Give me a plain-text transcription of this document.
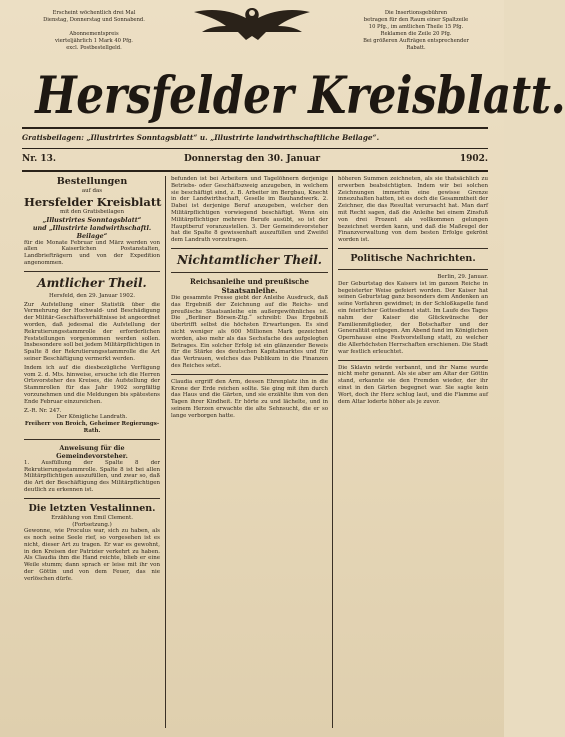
Erscheint wöchentlich drei Mal
Dienstag, Donnerstag und Sonnabend.
Abonnementspreis
vierteljährlich 1 Mark 40 Pfg.
excl. Postbestellgeld.
Die Insertionsgebühren
betragen für den Raum einer Spaltzeile
10 Pfg., im amtlichen Theile 15 Pfg.
Reklamen die Zeile 20 Pfg.
Bei größeren Aufträgen entsprechender
Rabatt.
Hersfelder Kreisblatt.
Gratisbeilagen: „Illustrirtes Sonntagsblatt“ u. „Illustrirte landwirthschaftliche Beilage“.
Nr. 13.	Donnerstag den 30. Januar	1902.
Bestellungen
auf das
Hersfelder Kreisblatt
mit den Gratisbeilagen
„Illustrirtes Sonntagsblatt“
und „Illustrirte landwirthschaftl. Beilage“

für die Monate Februar und März werden von allen Kaiserlichen Postanstalten, Landbriefträgern und von der Expedition angenommen.

Amtlicher Theil.
Hersfeld, den 29. Januar 1902.

Zur Aufstellung einer Statistik über die Vermehrung der Hochwald- und Beschädigung der Militär-Geschäftsverhältnisse ist angeordnet worden, daß jedesmal die Aufstellung der Rekrutierungsstammrolle der erforderlichen Feststellungen vorgenommen werden sollen. Insbesondere soll bei jedem Militärpflichtigen in Spalte 8 der Rekrutierungsstammrolle die Art seiner Beschäftigung vermerkt werden.

Indem ich auf die diesbezügliche Verfügung vom 2. d. Mts. hinweise, ersuche ich die Herren Ortsvorsteher des Kreises, die Aufstellung der Stammrollen für das Jahr 1902 sorgfältig vorzunehmen und die Meldungen bis spätestens Ende Februar einzureichen.

Z.-R. Nr. 247.
Der Königliche Landrath.
Freiherr von Broich, Geheimer Regierungs-Rath.
Anweisung für die Gemeindevorsteher.

1. Ausfüllung der Spalte 8 der Rekrutierungsstammrolle. Spalte 8 ist bei allen Militärpflichtigen auszufüllen, und zwar so, daß die Art der Beschäftigung des Militärpflichtigen deutlich zu erkennen ist.

Die letzten Vestalinnen.
Erzählung von Emil Clement.
(Fortsetzung.)

Gewonne, wie Proculus war, sich zu haben, als es noch seine Seele rief, so vorgesehen ist es nicht, dieser Art zu tragen. Er war es gewohnt, in den Kreisen der Patrizier verkehrt zu haben. Als Claudia ihm die Hand reichte, blieb er eine Weile stumm; dann sprach er leise mit ihr von der Göttin und von dem Feuer, das nie verlöschen dürfe.

befunden ist bei Arbeitern und Tagelöhnern derjenige Betriebs- oder Geschäftszweig anzugeben, in welchem sie beschäftigt sind, z. B. Arbeiter im Bergbau, Knecht in der Landwirthschaft, Geselle im Bauhandwerk. 2. Dabei ist derjenige Beruf anzugeben, welcher den Militärpflichtigen vorwiegend beschäftigt. Wenn ein Militärpflichtiger mehrere Berufe ausübt, so ist der Hauptberuf voranzustellen. 3. Der Gemeindevorsteher hat die Spalte 8 gewissenhaft auszufüllen und Zweifel dem Landrath vorzutragen.

Nichtamtlicher Theil.
Reichsanleihe und preußische Staatsanleihe.

Die gesammte Presse giebt der Anleihe Ausdruck, daß das Ergebniß der Zeichnung auf die Reichs- und preußische Staatsanleihe ein außergewöhnliches ist. Die „Berliner Börsen-Ztg.“ schreibt: Das Ergebniß übertrifft selbst die höchsten Erwartungen. Es sind nicht weniger als 600 Millionen Mark gezeichnet worden, also mehr als das Sechsfache des aufgelegten Betrages. Ein solcher Erfolg ist ein glänzender Beweis für die Stärke des deutschen Kapitalmarktes und für das Vertrauen, welches das Publikum in die Finanzen des Reiches setzt.

Claudia ergriff den Arm, dessen Ehrenplatz ihn in die Krone der Erde reichen sollte. Sie ging mit ihm durch das Haus und die Gärten, und sie erzählte ihm von den Tagen ihrer Kindheit. Er hörte zu und lächelte, und in seinem Herzen erwachte die alte Sehnsucht, die er so lange verborgen hatte.

höheren Summen zeichneten, als sie thatsächlich zu erwerben beabsichtigten. Indem wir bei solchen Zeichnungen immerhin eine gewisse Grenze innezuhalten hatten, ist es doch die Gesammtheit der Zeichner, die das Resultat verursacht hat. Man darf mit Recht sagen, daß die Anleihe bei einem Zinsfuß von drei Prozent als vollkommen gelungen bezeichnet werden kann, und daß die Maßregel der Finanzverwaltung von dem besten Erfolge gekrönt worden ist.

Politische Nachrichten.
Berlin, 29. Januar.

Der Geburtstag des Kaisers ist im ganzen Reiche in begeisterter Weise gefeiert worden. Der Kaiser hat seinen Geburtstag ganz besonders dem Andenken an seine Vorfahren gewidmet; in der Schloßkapelle fand ein feierlicher Gottesdienst statt. Im Laufe des Tages nahm der Kaiser die Glückwünsche der Familienmitglieder, der Botschafter und der Generalität entgegen. Am Abend fand im Königlichen Opernhause eine Festvorstellung statt, zu welcher die Allerhöchsten Herrschaften erschienen. Die Stadt war festlich erleuchtet.

Die Sklavin würde verbannt, und ihr Name wurde nicht mehr genannt. Als sie aber am Altar der Göttin stand, erkannte sie den Fremden wieder, der ihr einst in den Gärten begegnet war. Sie sagte kein Wort, doch ihr Herz schlug laut, und die Flamme auf dem Altar loderte höher als je zuvor.
